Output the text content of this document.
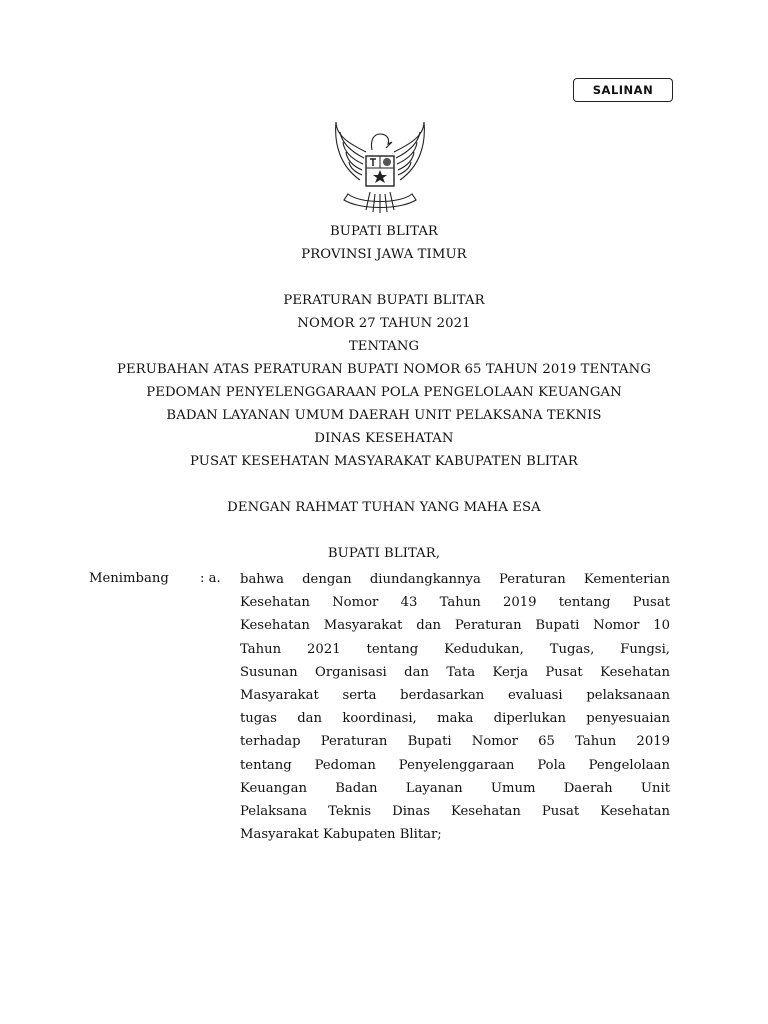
SALINAN
BUPATI BLITAR
PROVINSI JAWA TIMUR
PERATURAN BUPATI BLITAR
NOMOR 27 TAHUN 2021
TENTANG
PERUBAHAN ATAS PERATURAN BUPATI NOMOR 65 TAHUN 2019 TENTANG
PEDOMAN PENYELENGGARAAN POLA PENGELOLAAN KEUANGAN
BADAN LAYANAN UMUM DAERAH UNIT PELAKSANA TEKNIS
DINAS KESEHATAN
PUSAT KESEHATAN MASYARAKAT KABUPATEN BLITAR
DENGAN RAHMAT TUHAN YANG MAHA ESA
BUPATI BLITAR,
Menimbang : a. bahwa dengan diundangkannya Peraturan Kementerian
Kesehatan Nomor 43 Tahun 2019 tentang Pusat
Kesehatan Masyarakat dan Peraturan Bupati Nomor 10
Tahun 2021 tentang Kedudukan, Tugas, Fungsi,
Susunan Organisasi dan Tata Kerja Pusat Kesehatan
Masyarakat serta berdasarkan evaluasi pelaksanaan
tugas dan koordinasi, maka diperlukan penyesuaian
terhadap Peraturan Bupati Nomor 65 Tahun 2019
tentang Pedoman Penyelenggaraan Pola Pengelolaan
Keuangan Badan Layanan Umum Daerah Unit
Pelaksana Teknis Dinas Kesehatan Pusat Kesehatan
Masyarakat Kabupaten Blitar;
